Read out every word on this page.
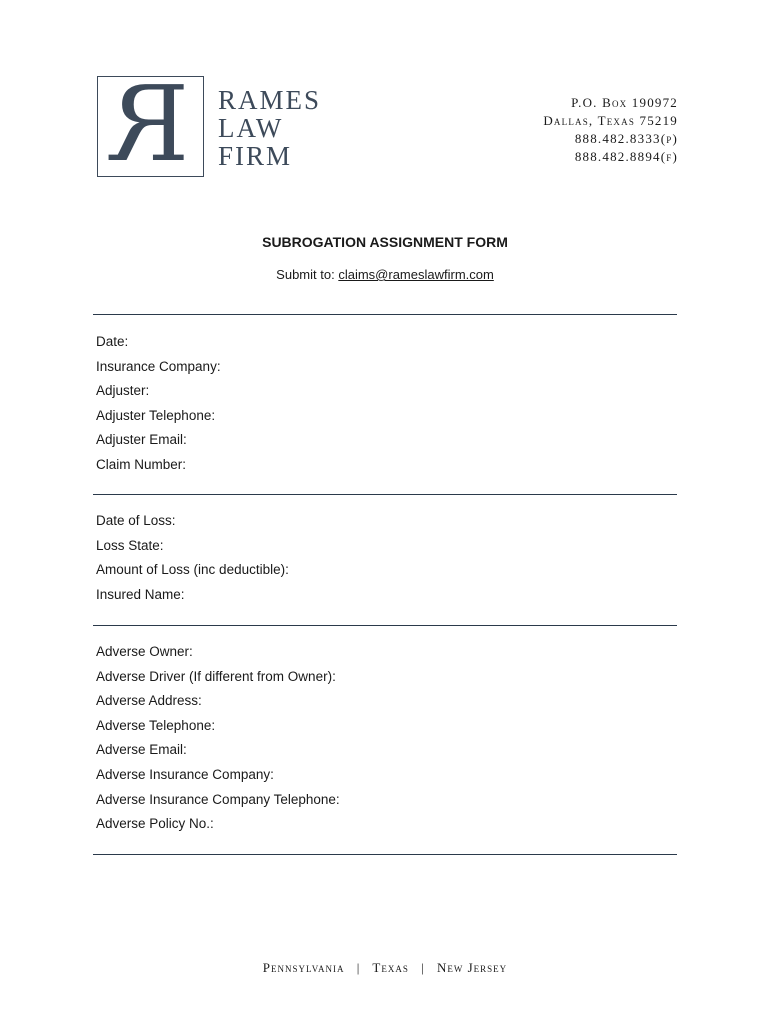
R RAMES
LAW
FIRM
P.O. Box 190972
Dallas, Texas 75219
888.482.8333(p)
888.482.8894(f)
SUBROGATION ASSIGNMENT FORM
Submit to: claims@rameslawfirm.com
Date:
Insurance Company:
Adjuster:
Adjuster Telephone:
Adjuster Email:
Claim Number:
Date of Loss:
Loss State:
Amount of Loss (inc deductible):
Insured Name:
Adverse Owner:
Adverse Driver (If different from Owner):
Adverse Address:
Adverse Telephone:
Adverse Email:
Adverse Insurance Company:
Adverse Insurance Company Telephone:
Adverse Policy No.:
Pennsylvania | Texas | New Jersey
